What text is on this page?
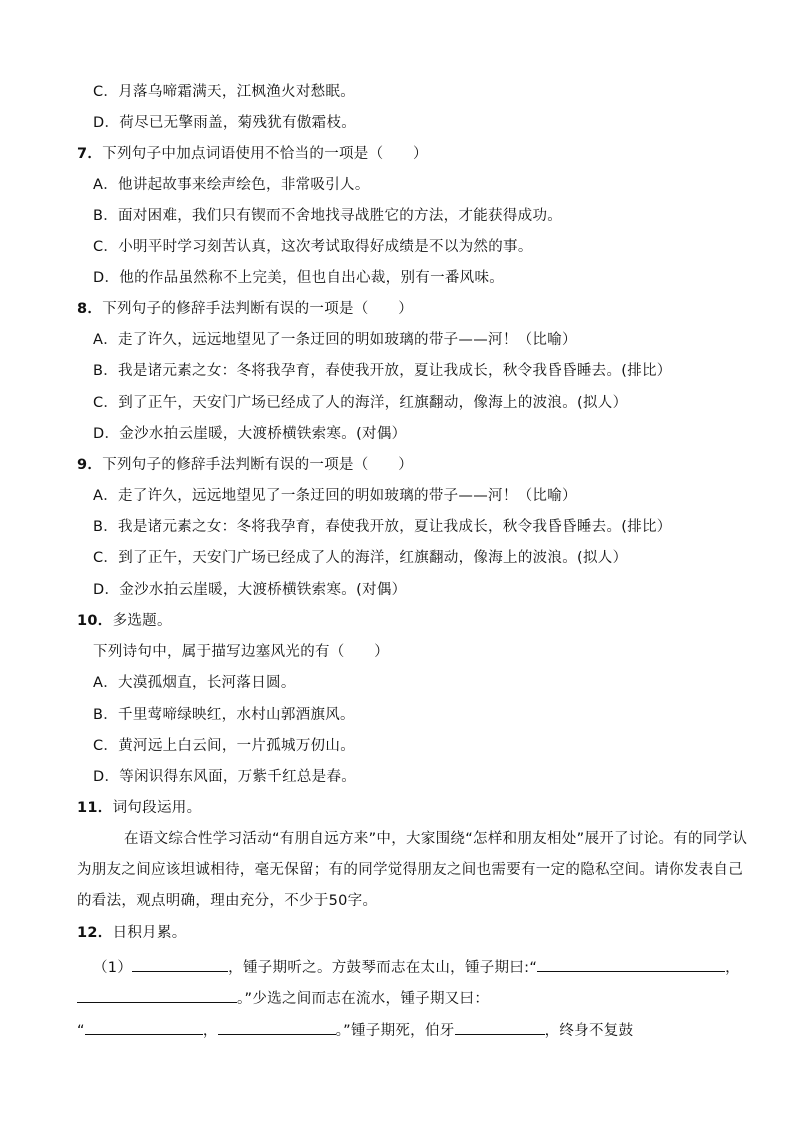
C．月落乌啼霜满天，江枫渔火对愁眠。
D．荷尽已无擎雨盖，菊残犹有傲霜枝。
7．下列句子中加点词语使用不恰当的一项是（　　）
A．他讲起故事来绘声绘色，非常吸引人。
B．面对困难，我们只有锲而不舍地找寻战胜它的方法，才能获得成功。
C．小明平时学习刻苦认真，这次考试取得好成绩是不以为然的事。
D．他的作品虽然称不上完美，但也自出心裁，别有一番风味。
8．下列句子的修辞手法判断有误的一项是（　　）
A．走了许久，远远地望见了一条迂回的明如玻璃的带子——河！（比喻）
B．我是诸元素之女：冬将我孕育，春使我开放，夏让我成长，秋令我昏昏睡去。(排比）
C．到了正午，天安门广场已经成了人的海洋，红旗翻动，像海上的波浪。(拟人）
D．金沙水拍云崖暖，大渡桥横铁索寒。(对偶）
9．下列句子的修辞手法判断有误的一项是（　　）
A．走了许久，远远地望见了一条迂回的明如玻璃的带子——河！（比喻）
B．我是诸元素之女：冬将我孕育，春使我开放，夏让我成长，秋令我昏昏睡去。(排比）
C．到了正午，天安门广场已经成了人的海洋，红旗翻动，像海上的波浪。(拟人）
D．金沙水拍云崖暖，大渡桥横铁索寒。(对偶）
10．多选题。
下列诗句中，属于描写边塞风光的有（　　）
A．大漠孤烟直，长河落日圆。
B．千里莺啼绿映红，水村山郭酒旗风。
C．黄河远上白云间，一片孤城万仞山。
D．等闲识得东风面，万紫千红总是春。
11．词句段运用。
在语文综合性学习活动“有朋自远方来”中，大家围绕“怎样和朋友相处”展开了讨论。有的同学认
为朋友之间应该坦诚相待，毫无保留；有的同学觉得朋友之间也需要有一定的隐私空间。请你发表自己
的看法，观点明确，理由充分，不少于50字。
12．日积月累。
（1）	，锺子期听之。方鼓琴而志在太山，锺子期曰:“	，
。”少选之间而志在流水，锺子期又曰：
“	，	。”锺子期死，伯牙	，终身不复鼓
